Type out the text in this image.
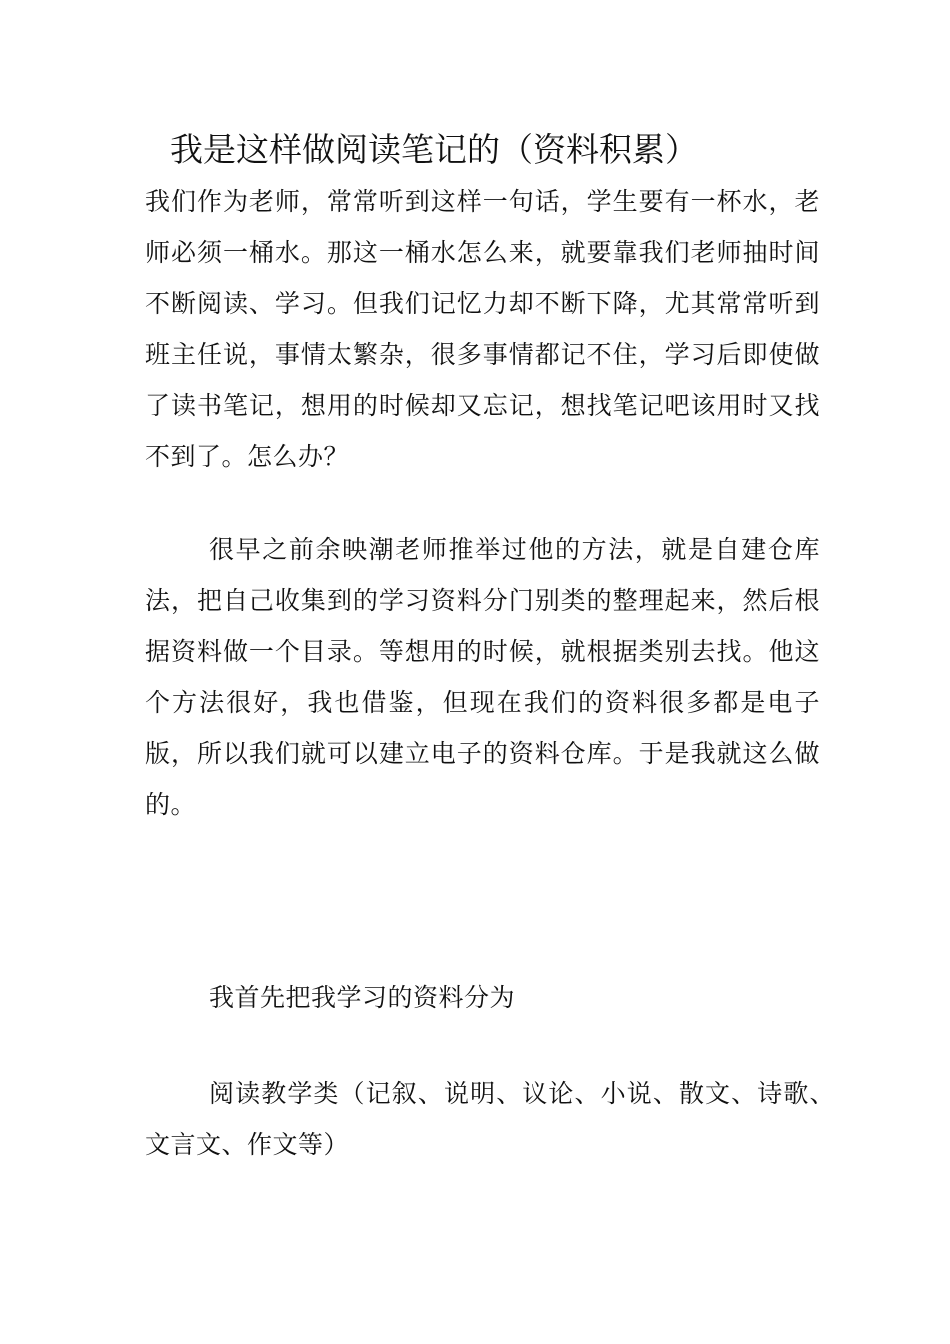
我是这样做阅读笔记的（资料积累）

我们作为老师，常常听到这样一句话，学生要有一杯水，老师必须一桶水。那这一桶水怎么来，就要靠我们老师抽时间不断阅读、学习。但我们记忆力却不断下降，尤其常常听到班主任说，事情太繁杂，很多事情都记不住，学习后即使做了读书笔记，想用的时候却又忘记，想找笔记吧该用时又找不到了。怎么办？

很早之前余映潮老师推举过他的方法，就是自建仓库法，把自己收集到的学习资料分门别类的整理起来，然后根据资料做一个目录。等想用的时候，就根据类别去找。他这个方法很好，我也借鉴，但现在我们的资料很多都是电子版，所以我们就可以建立电子的资料仓库。于是我就这么做的。

我首先把我学习的资料分为

阅读教学类（记叙、说明、议论、小说、散文、诗歌、文言文、作文等）
